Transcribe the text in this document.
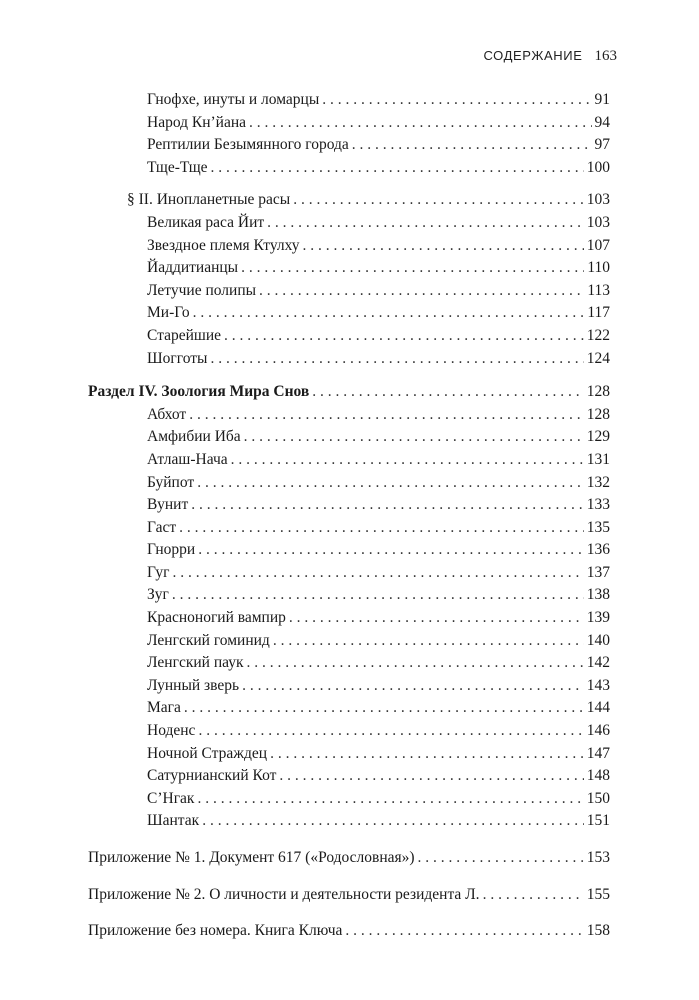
СОДЕРЖАНИЕ 163
Гнофхе, инуты и ломарцы . . .	91
Народ Кн’йана . . .	94
Рептилии Безымянного города . . .	97
Тще-Тще . . .	100
§ II. Инопланетные расы . . .	103
Великая раса Йит . . .	103
Звездное племя Ктулху . . .	107
Йаддитианцы . . .	110
Летучие полипы . . .	113
Ми-Го . . .	117
Старейшие . . .	122
Шогготы . . .	124
Раздел IV. Зоология Мира Снов . . .	128
Абхот . . .	128
Амфибии Иба . . .	129
Атлаш-Нача . . .	131
Буйпот . . .	132
Вунит . . .	133
Гаст . . .	135
Гнорри . . .	136
Гуг . . .	137
Зуг . . .	138
Красноногий вампир . . .	139
Ленгский гоминид . . .	140
Ленгский паук . . .	142
Лунный зверь . . .	143
Мага . . .	144
Ноденс . . .	146
Ночной Страждец . . .	147
Сатурнианский Кот . . .	148
С’Нгак . . .	150
Шантак . . .	151
Приложение № 1. Документ 617 («Родословная») . . .	153
Приложение № 2. О личности и деятельности резидента Л. . . .	155
Приложение без номера. Книга Ключа . . .	158
